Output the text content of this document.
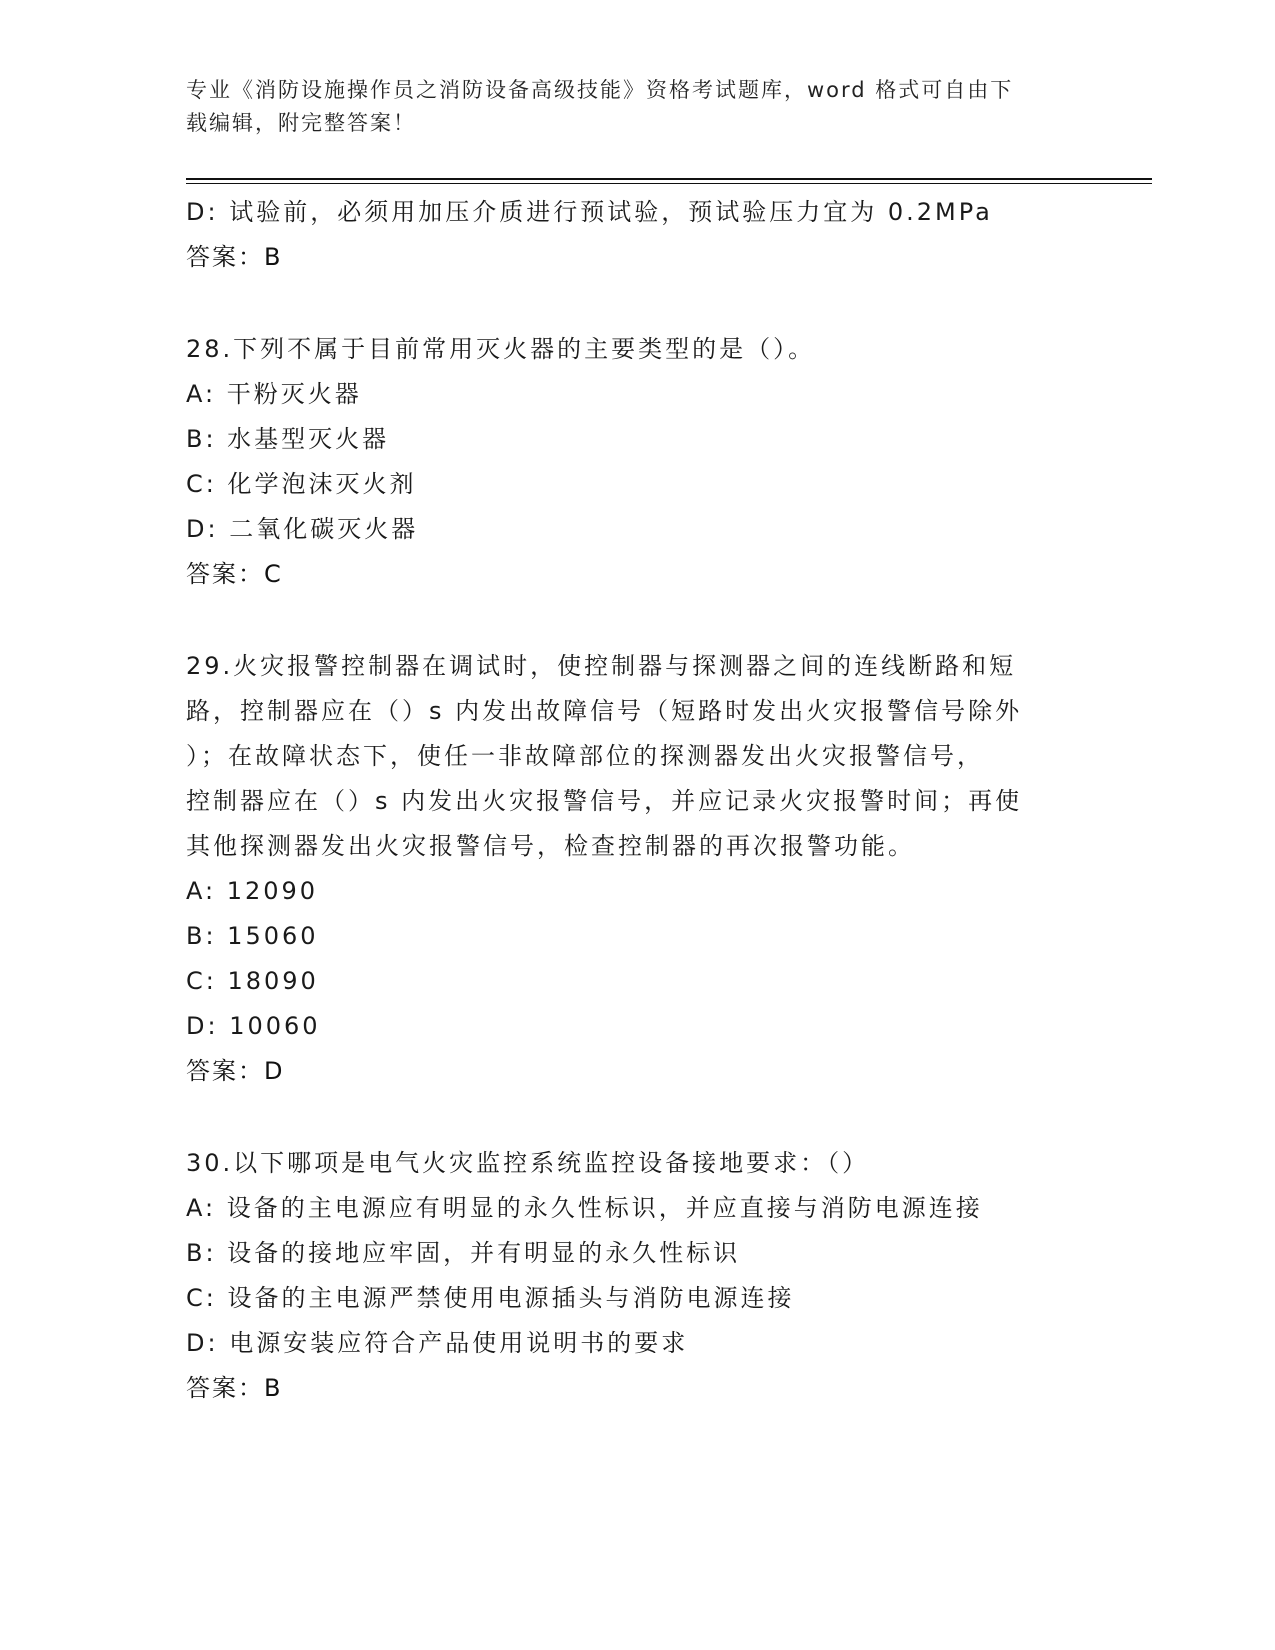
专业《消防设施操作员之消防设备高级技能》资格考试题库，word 格式可自由下
载编辑，附完整答案！
D: 试验前，必须用加压介质进行预试验，预试验压力宜为 0.2MPa
答案：B
28.下列不属于目前常用灭火器的主要类型的是（）。
A: 干粉灭火器
B: 水基型灭火器
C: 化学泡沫灭火剂
D: 二氧化碳灭火器
答案：C
29.火灾报警控制器在调试时，使控制器与探测器之间的连线断路和短
路，控制器应在（）s 内发出故障信号（短路时发出火灾报警信号除外
）；在故障状态下，使任一非故障部位的探测器发出火灾报警信号，
控制器应在（）s 内发出火灾报警信号，并应记录火灾报警时间；再使
其他探测器发出火灾报警信号，检查控制器的再次报警功能。
A: 12090
B: 15060
C: 18090
D: 10060
答案：D
30.以下哪项是电气火灾监控系统监控设备接地要求：（）
A: 设备的主电源应有明显的永久性标识，并应直接与消防电源连接
B: 设备的接地应牢固，并有明显的永久性标识
C: 设备的主电源严禁使用电源插头与消防电源连接
D: 电源安装应符合产品使用说明书的要求
答案：B
